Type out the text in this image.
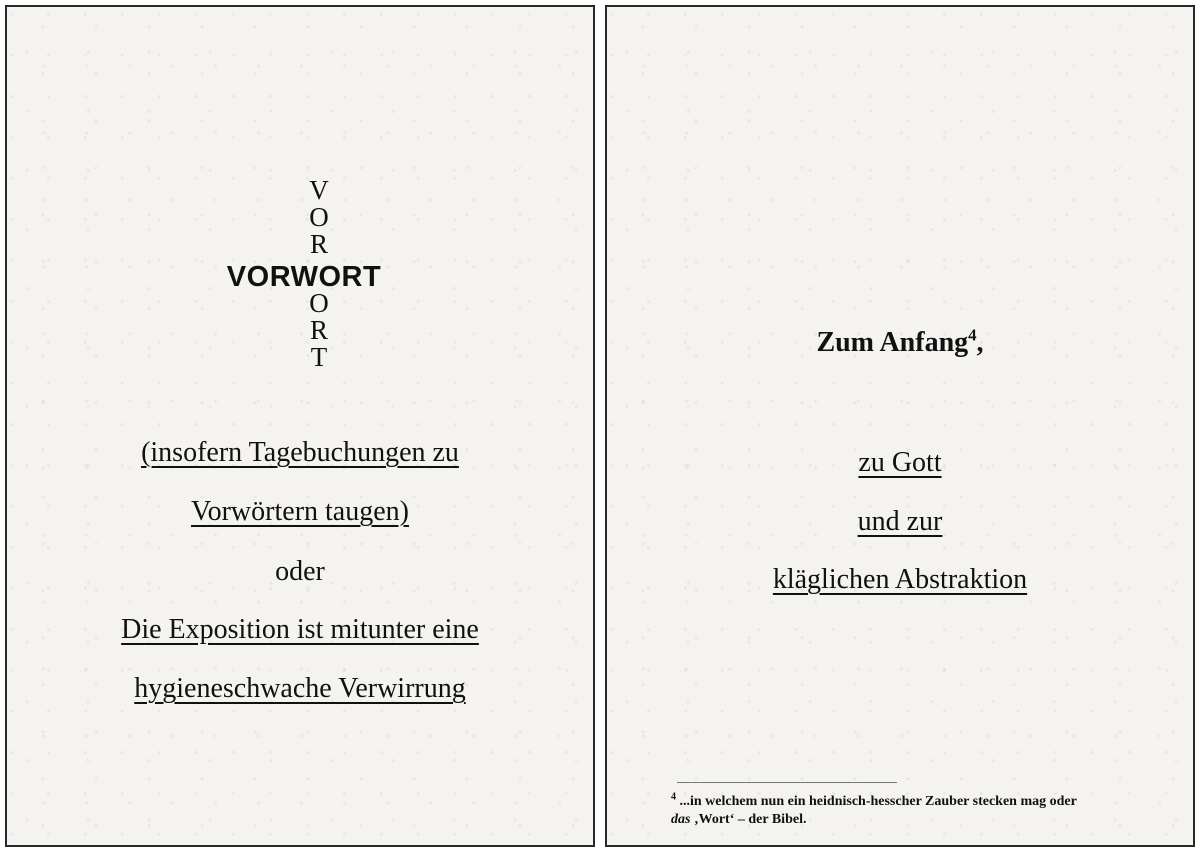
V
O
R
VORWORT
O
R
T
(insofern Tagebuchungen zu
Vorwörtern taugen)
oder
Die Exposition ist mitunter eine
hygieneschwache Verwirrung
Zum Anfang$^4$,
zu Gott
und zur
kläglichen Abstraktion
$^4$ ...in welchem nun ein heidnisch-hesscher Zauber stecken mag oder
das ‚Wort‘ – der Bibel.
